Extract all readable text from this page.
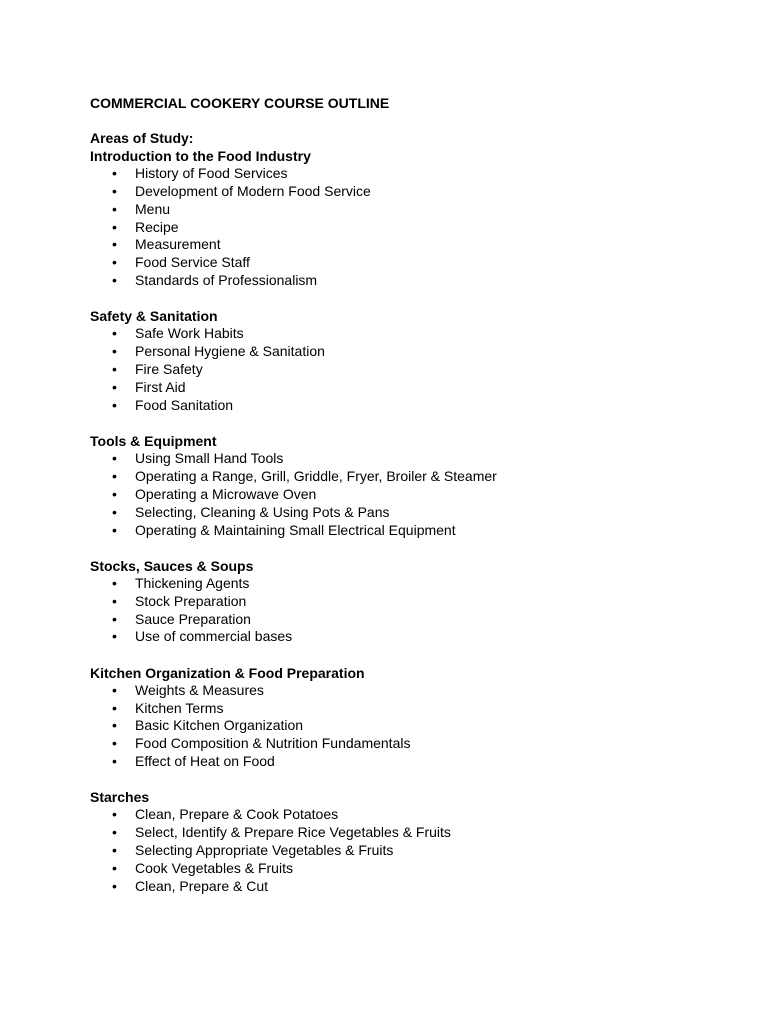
COMMERCIAL COOKERY COURSE OUTLINE
Areas of Study:
Introduction to the Food Industry
• History of Food Services
• Development of Modern Food Service
• Menu
• Recipe
• Measurement
• Food Service Staff
• Standards of Professionalism
Safety & Sanitation
• Safe Work Habits
• Personal Hygiene & Sanitation
• Fire Safety
• First Aid
• Food Sanitation
Tools & Equipment
• Using Small Hand Tools
• Operating a Range, Grill, Griddle, Fryer, Broiler & Steamer
• Operating a Microwave Oven
• Selecting, Cleaning & Using Pots & Pans
• Operating & Maintaining Small Electrical Equipment
Stocks, Sauces & Soups
• Thickening Agents
• Stock Preparation
• Sauce Preparation
• Use of commercial bases
Kitchen Organization & Food Preparation
• Weights & Measures
• Kitchen Terms
• Basic Kitchen Organization
• Food Composition & Nutrition Fundamentals
• Effect of Heat on Food
Starches
• Clean, Prepare & Cook Potatoes
• Select, Identify & Prepare Rice Vegetables & Fruits
• Selecting Appropriate Vegetables & Fruits
• Cook Vegetables & Fruits
• Clean, Prepare & Cut
